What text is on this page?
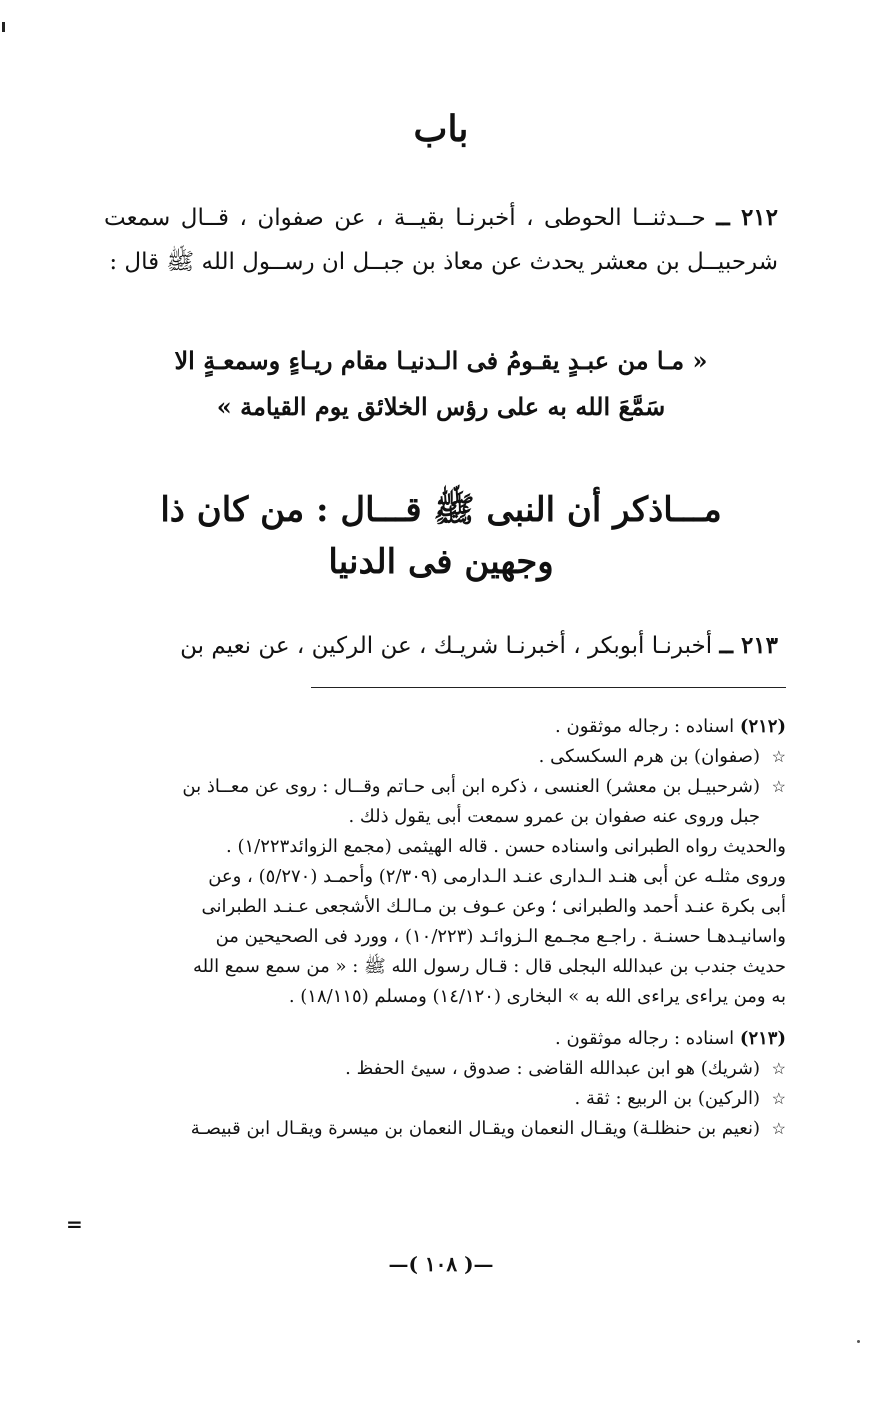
باب

٢١٢ ــ حــدثنــا الحوطى ، أخبرنـا بقيــة ، عن صفوان ، قــال سمعت شرحبيــل بن معشر يحدث عن معاذ بن جبــل ان رســول الله ﷺ قال :

« مـا من عبـدٍ يقـومُ فى الـدنيـا مقام ريـاءٍ وسمعـةٍ الا
سَمَّعَ الله به على رؤس الخلائق يوم القيامة »
مـــاذكر أن النبى ﷺ قـــال : من كان ذا
وجهين فى الدنيا

٢١٣ ــ أخبرنـا أبوبكر ، أخبرنـا شريـك ، عن الركين ، عن نعيم بن

(٢١٢) اسناده : رجاله موثقون .
☆
(صفوان) بن هرم السكسكى .
☆
(شرحبيـل بن معشر) العنسى ، ذكره ابن أبى حـاتم وقــال : روى عن معــاذ بن
جبل وروى عنه صفوان بن عمرو سمعت أبى يقول ذلك .
والحديث رواه الطبرانى واسناده حسن . قاله الهيثمى (مجمع الزوائد١/٢٢٣) .
وروى مثلـه عن أبى هنـد الـدارى عنـد الـدارمى (٢/٣٠٩) وأحمـد (٥/٢٧٠) ، وعن
أبى بكرة عنـد أحمد والطبرانى ؛ وعن عـوف بن مـالـك الأشجعى عـنـد الطبرانى
واسانيـدهـا حسنـة . راجـع مجـمع الـزوائـد (١٠/٢٢٣) ، وورد فى الصحيحين من
حديث جندب بن عبدالله البجلى قال : قـال رسول الله ﷺ : « من سمع سمع الله
به ومن يراءى يراءى الله به » البخارى (١٤/١٢٠) ومسلم (١٨/١١٥) .
(٢١٣) اسناده : رجاله موثقون .
☆
(شريك) هو ابن عبدالله القاضى : صدوق ، سيئ الحفظ .
☆
(الركين) بن الربيع : ثقة .
☆
(نعيم بن حنظلـة) ويقـال النعمان ويقـال النعمان بن ميسرة ويقـال ابن قبيصـة
=
—( ١٠٨ )—
